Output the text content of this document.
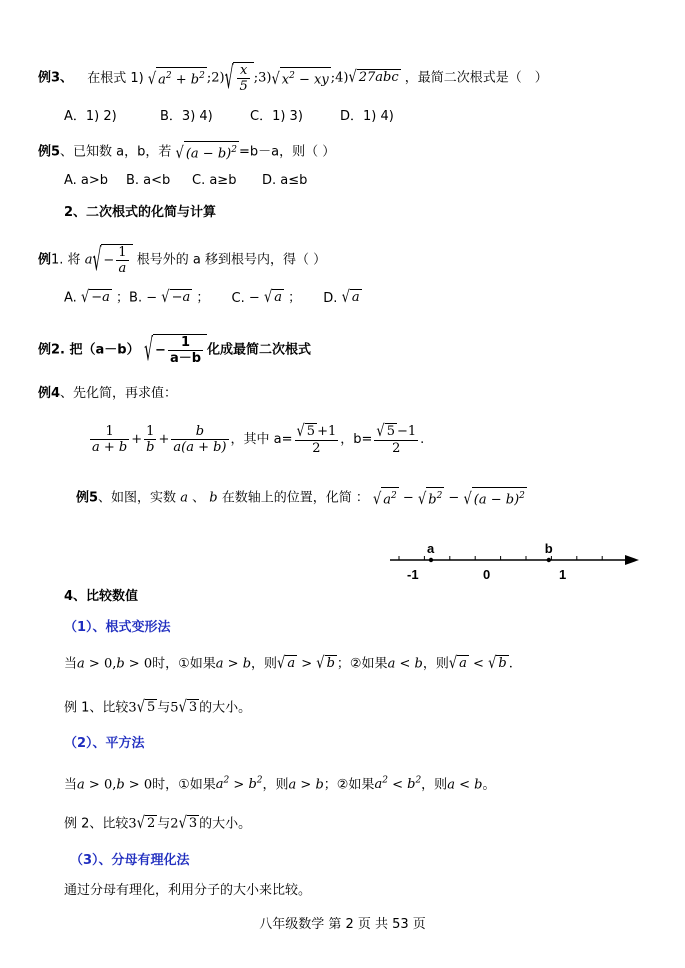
例3、 在根式 1) √ $a^2 + b^2$ ;2)√ $\frac{x}{5}$ ;3)√ $x^2$ − xy ;4)√ 27abc ，最简二次根式是（　）
A．1) 2)	B．3) 4)	C．1) 3)	D．1) 4)
例5、已知数 a，b，若 √ $(a - b)^2 =b-a$，则（ ）
A. a>b B. a<b C. a≥b D. a≤b
2、二次根式的化简与计算
例1. 将 $a√ - \frac{1}{a}$ 根号外的 a 移到根号内，得（ ）
A. √ −a ；B. − √ −a ； C. − √ a ； D. √ a
例2. 把（a－b） √ − $\frac{1}{a-b}$ 化成最简二次根式
例4、先化简，再求值：
$\frac{1}{a + b} + \frac{1}{b} + \frac{b}{a(a + b)}$ ，其中 $a= \frac{√ 5 +1}{2}$ ，$b= \frac{√ 5 -1}{2}$ .
例5、如图，实数 a 、 b 在数轴上的位置，化简 ： √ $a^2$ − √ $b^2$ − √ $(a - b)^2$
-1	0	1
a	b
4、比较数值
（1）、根式变形法
当a > 0,b > 0时，①如果a > b，则√ a > √ b ；②如果a < b，则√ a < √ b .
例 1、比较3√ 5 与5√ 3 的大小。
（2）、平方法
当a > 0,b > 0时，①如果$a^2 > b^2$，则a > b；②如果$a^2 < b^2$，则a < b。
例 2、比较3√ 2 与2√ 3 的大小。
（3）、分母有理化法
通过分母有理化，利用分子的大小来比较。
八年级数学 第 2 页 共 53 页
